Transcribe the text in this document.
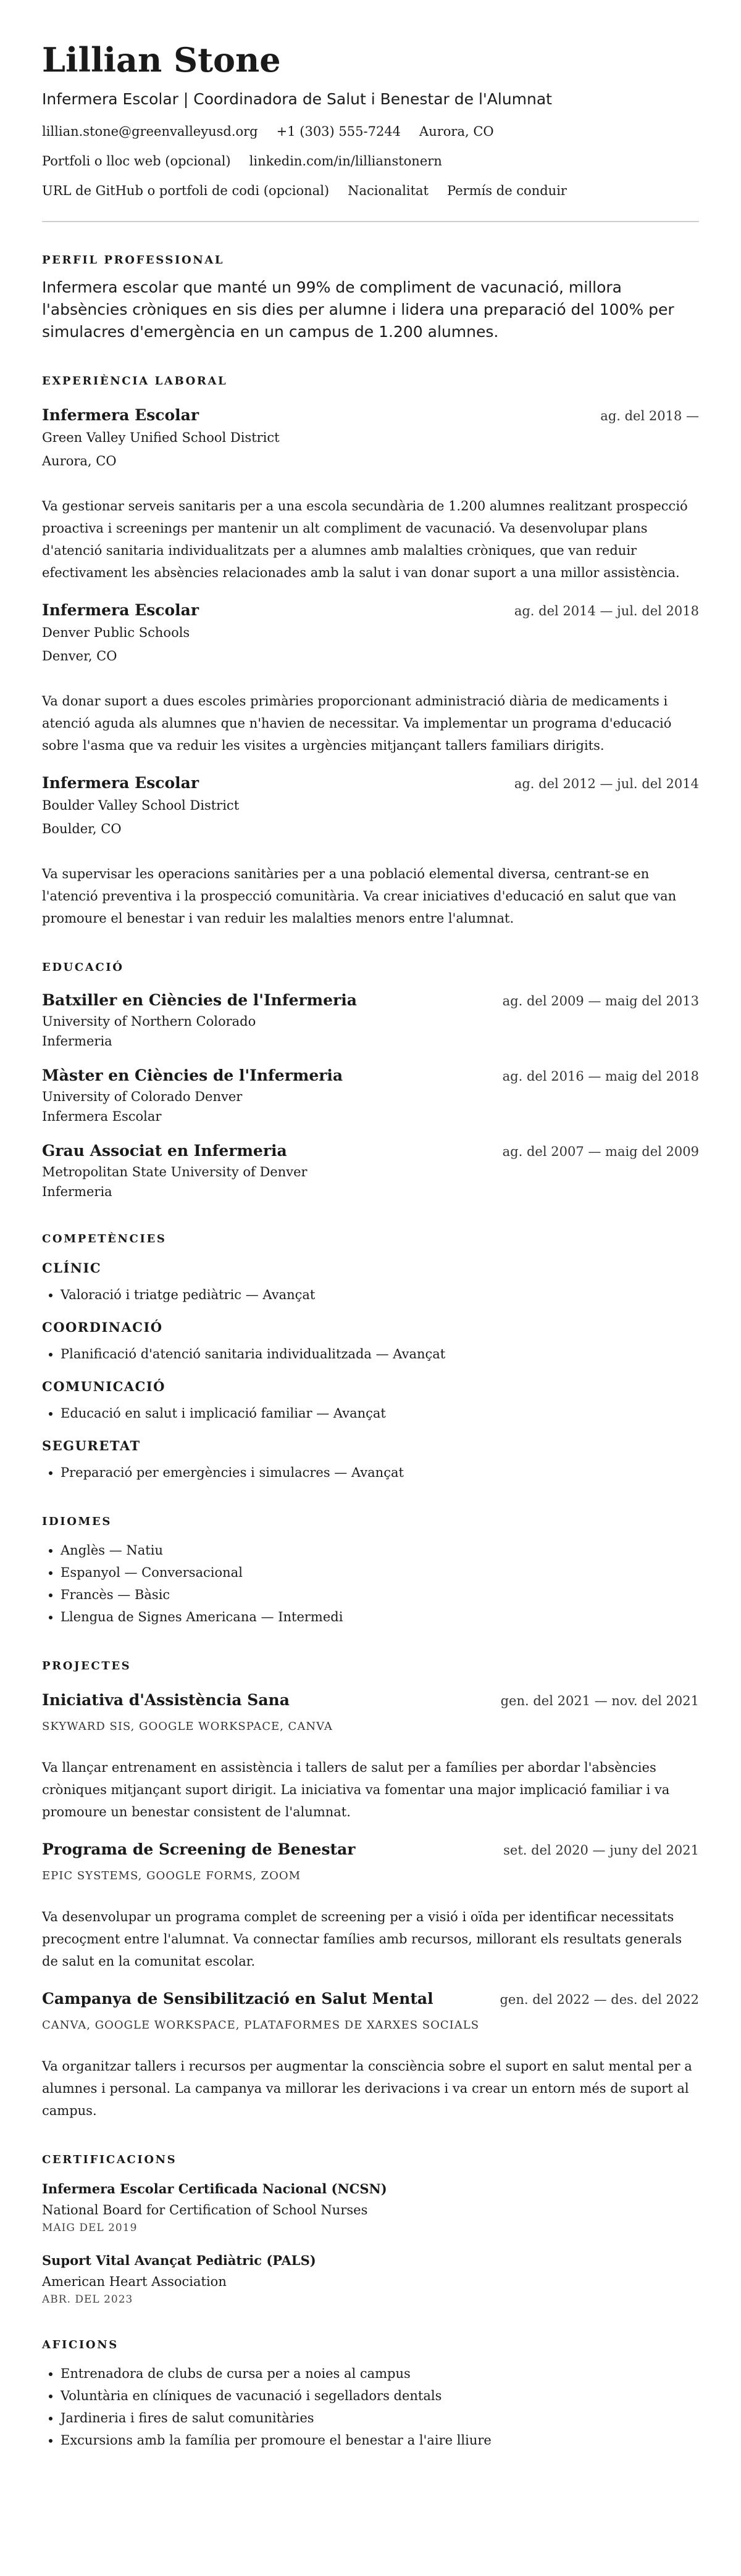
Lillian Stone
Infermera Escolar | Coordinadora de Salut i Benestar de l'Alumnat
lillian.stone@greenvalleyusd.org +1 (303) 555-7244 Aurora, CO
Portfoli o lloc web (opcional) linkedin.com/in/lillianstonern
URL de GitHub o portfoli de codi (opcional) Nacionalitat Permís de conduir
PERFIL PROFESSIONAL

Infermera escolar que manté un 99% de compliment de vacunació, millora l'absències cròniques en sis dies per alumne i lidera una preparació del 100% per simulacres d'emergència en un campus de 1.200 alumnes.

EXPERIÈNCIA LABORAL
Infermera Escolar	ag. del 2018 —
Green Valley Unified School District
Aurora, CO
Va gestionar serveis sanitaris per a una escola secundària de 1.200 alumnes realitzant prospecció proactiva i screenings per mantenir un alt compliment de vacunació. Va desenvolupar plans d'atenció sanitaria individualitzats per a alumnes amb malalties cròniques, que van reduir efectivament les absències relacionades amb la salut i van donar suport a una millor assistència.
Infermera Escolar	ag. del 2014 — jul. del 2018
Denver Public Schools
Denver, CO
Va donar suport a dues escoles primàries proporcionant administració diària de medicaments i atenció aguda als alumnes que n'havien de necessitar. Va implementar un programa d'educació sobre l'asma que va reduir les visites a urgències mitjançant tallers familiars dirigits.
Infermera Escolar	ag. del 2012 — jul. del 2014
Boulder Valley School District
Boulder, CO
Va supervisar les operacions sanitàries per a una població elemental diversa, centrant-se en l'atenció preventiva i la prospecció comunitària. Va crear iniciatives d'educació en salut que van promoure el benestar i van reduir les malalties menors entre l'alumnat.
EDUCACIÓ
Batxiller en Ciències de l'Infermeria	ag. del 2009 — maig del 2013
University of Northern Colorado
Infermeria
Màster en Ciències de l'Infermeria	ag. del 2016 — maig del 2018
University of Colorado Denver
Infermera Escolar
Grau Associat en Infermeria	ag. del 2007 — maig del 2009
Metropolitan State University of Denver
Infermeria
COMPETÈNCIES
CLÍNIC
• Valoració i triatge pediàtric — Avançat
COORDINACIÓ
• Planificació d'atenció sanitaria individualitzada — Avançat
COMUNICACIÓ
• Educació en salut i implicació familiar — Avançat
SEGURETAT
• Preparació per emergències i simulacres — Avançat
IDIOMES
• Anglès — Natiu
• Espanyol — Conversacional
• Francès — Bàsic
• Llengua de Signes Americana — Intermedi
PROJECTES
Iniciativa d'Assistència Sana	gen. del 2021 — nov. del 2021
SKYWARD SIS, GOOGLE WORKSPACE, CANVA
Va llançar entrenament en assistència i tallers de salut per a famílies per abordar l'absències cròniques mitjançant suport dirigit. La iniciativa va fomentar una major implicació familiar i va promoure un benestar consistent de l'alumnat.
Programa de Screening de Benestar	set. del 2020 — juny del 2021
EPIC SYSTEMS, GOOGLE FORMS, ZOOM
Va desenvolupar un programa complet de screening per a visió i oïda per identificar necessitats precoçment entre l'alumnat. Va connectar famílies amb recursos, millorant els resultats generals de salut en la comunitat escolar.
Campanya de Sensibilització en Salut Mental	gen. del 2022 — des. del 2022
CANVA, GOOGLE WORKSPACE, PLATAFORMES DE XARXES SOCIALS
Va organitzar tallers i recursos per augmentar la consciència sobre el suport en salut mental per a alumnes i personal. La campanya va millorar les derivacions i va crear un entorn més de suport al campus.
CERTIFICACIONS
Infermera Escolar Certificada Nacional (NCSN)
National Board for Certification of School Nurses
MAIG DEL 2019
Suport Vital Avançat Pediàtric (PALS)
American Heart Association
ABR. DEL 2023
AFICIONS
• Entrenadora de clubs de cursa per a noies al campus
• Voluntària en clíniques de vacunació i segelladors dentals
• Jardineria i fires de salut comunitàries
• Excursions amb la família per promoure el benestar a l'aire lliure
